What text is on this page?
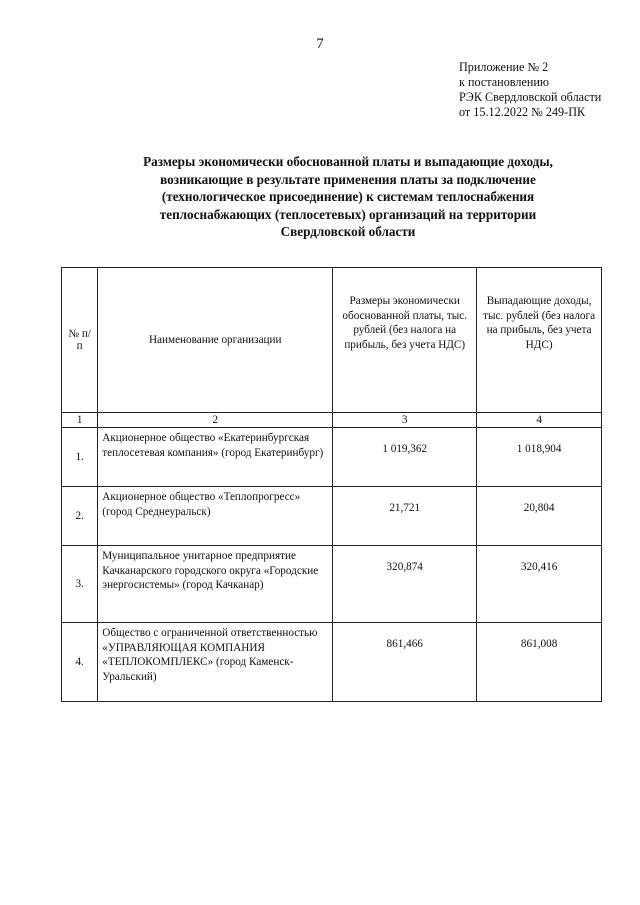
7
Приложение № 2
к постановлению
РЭК Свердловской области
от 15.12.2022 № 249-ПК
Размеры экономически обоснованной платы и выпадающие доходы,
возникающие в результате применения платы за подключение
(технологическое присоединение) к системам теплоснабжения
теплоснабжающих (теплосетевых) организаций на территории
Свердловской области
№ п/п	Наименование организации	Размеры экономически обоснованной платы, тыс. рублей (без налога на прибыль, без учета НДС)	Выпадающие доходы, тыс. рублей (без налога на прибыль, без учета НДС)
1	2	3	4
1.	Акционерное общество «Екатеринбургская теплосетевая компания» (город Екатеринбург)	1 019,362	1 018,904
2.	Акционерное общество «Теплопрогресс» (город Среднеуральск)	21,721	20,804
3.	Муниципальное унитарное предприятие Качканарского городского округа «Городские энергосистемы» (город Качканар)	320,874	320,416
4.	Общество с ограниченной ответственностью «УПРАВЛЯЮЩАЯ КОМПАНИЯ «ТЕПЛОКОМПЛЕКС» (город Каменск-Уральский)	861,466	861,008
